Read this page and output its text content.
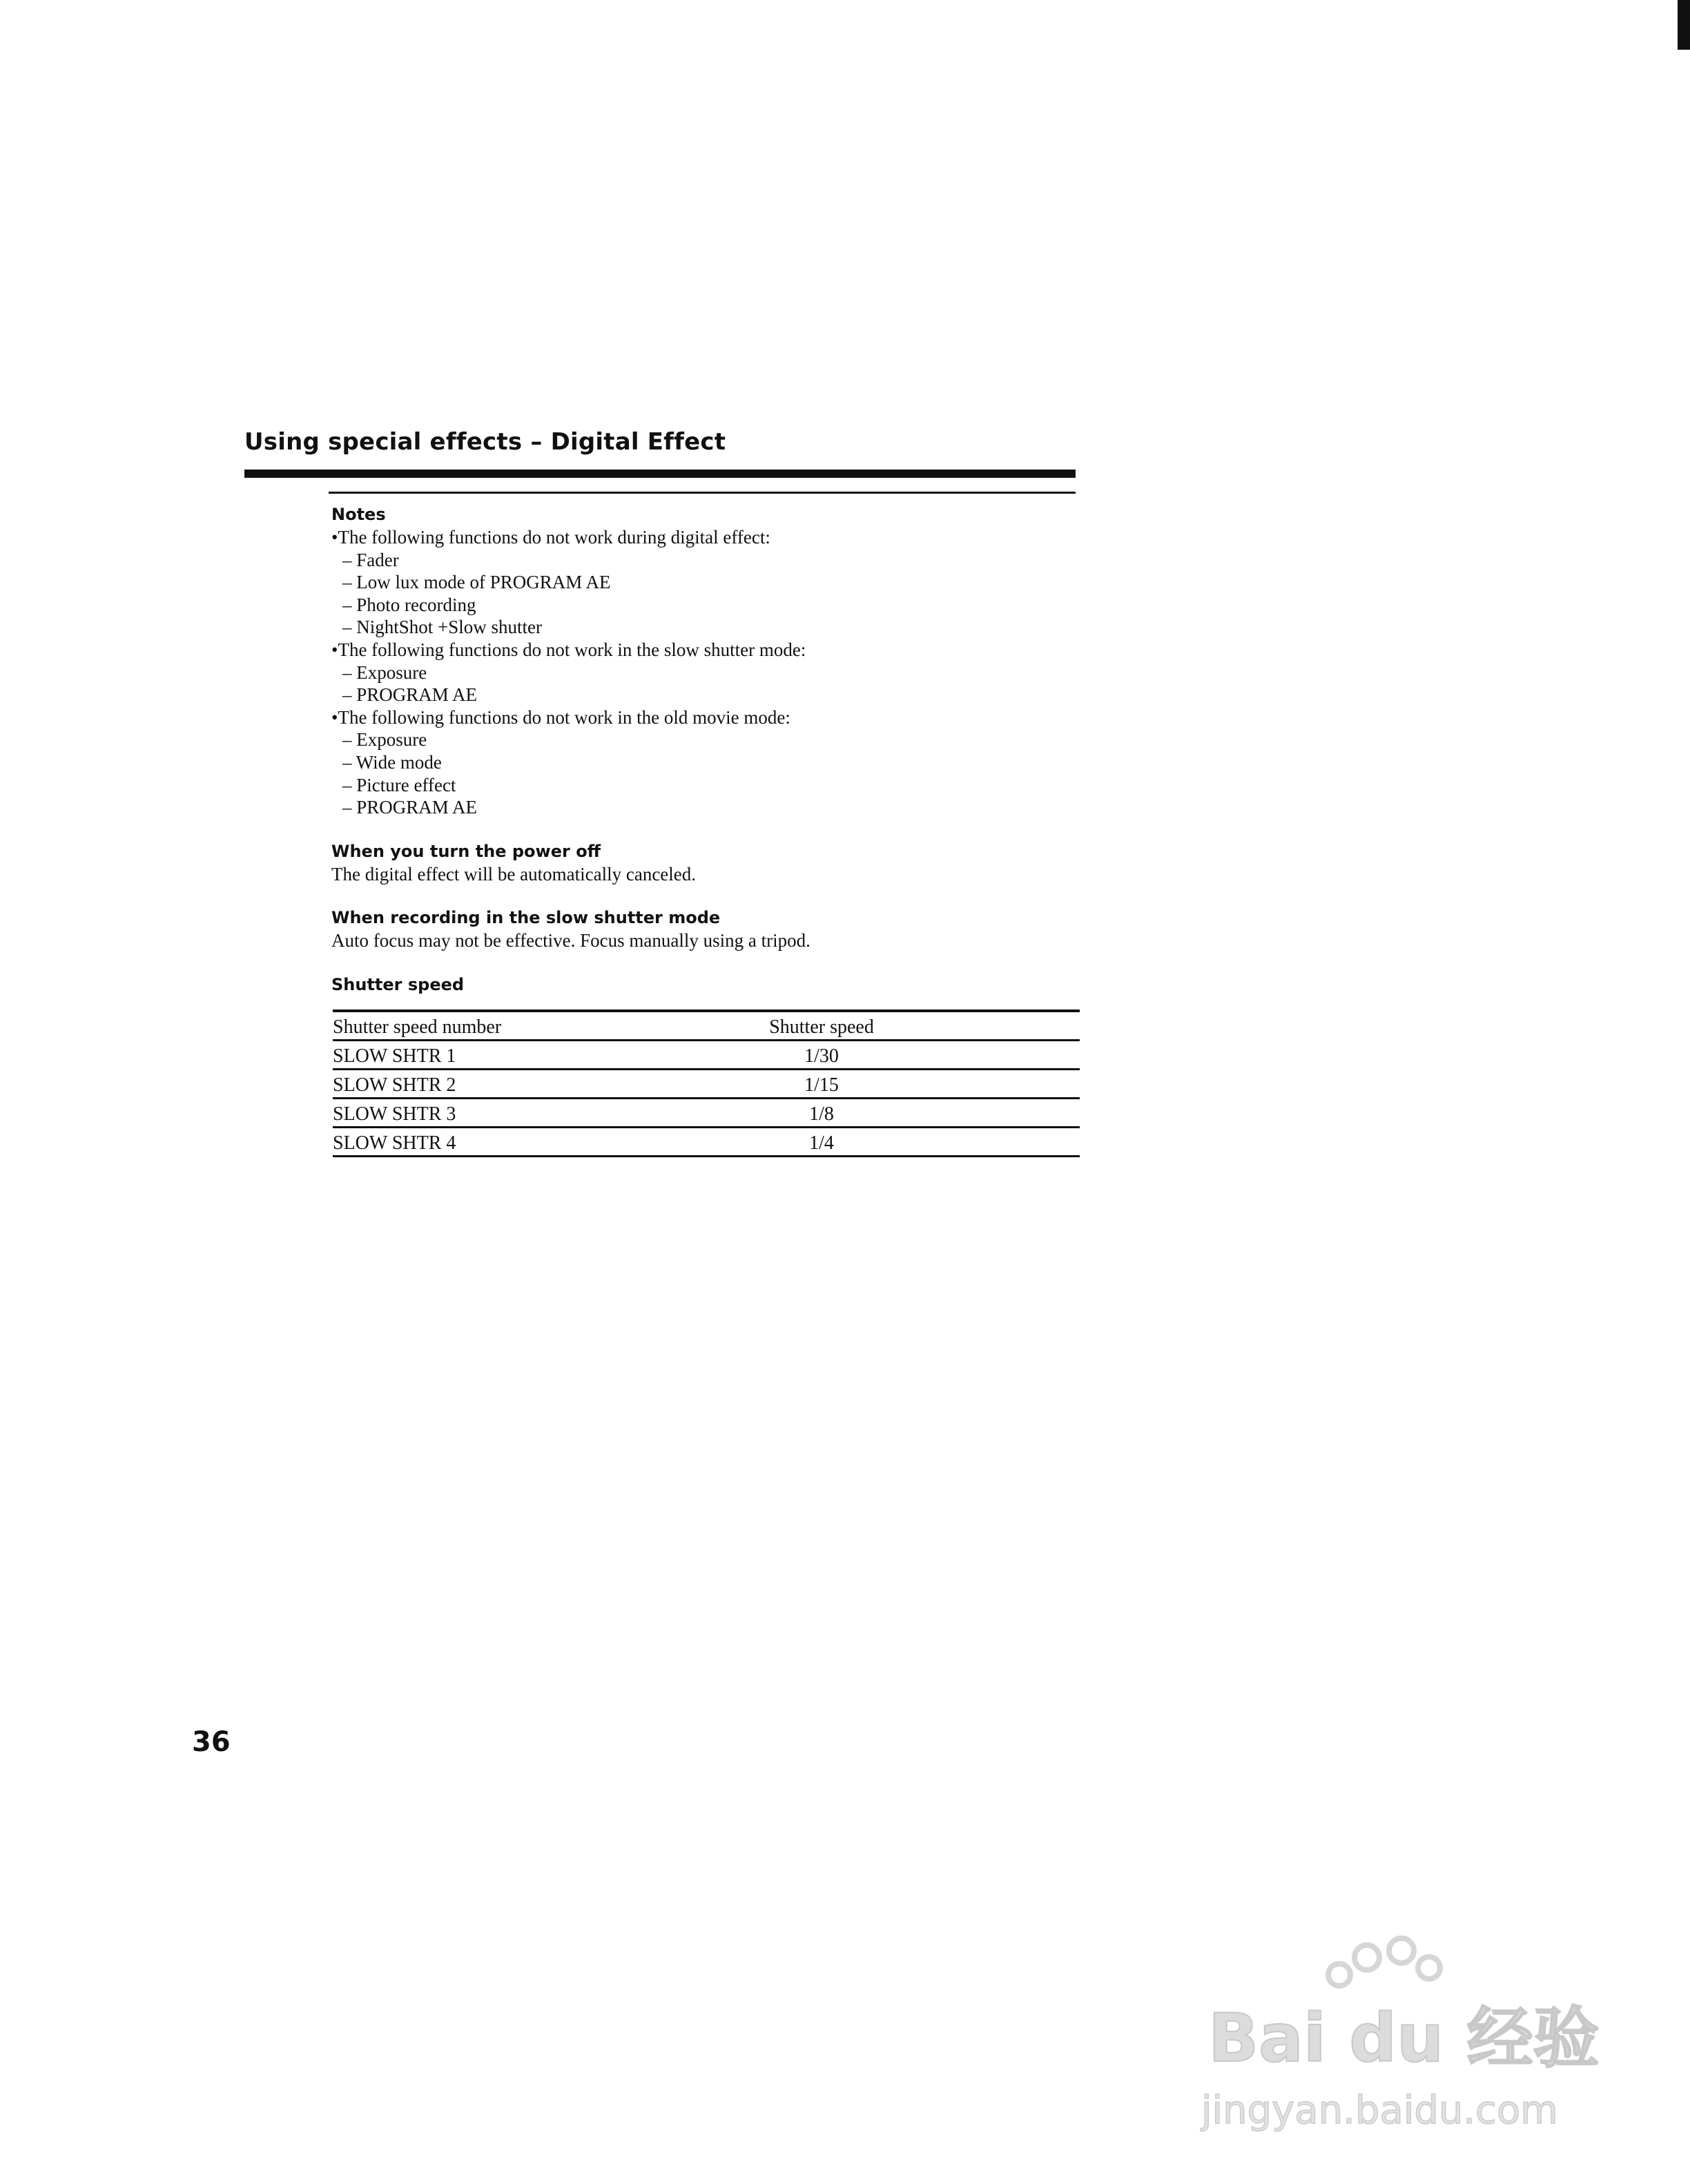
Using special effects – Digital Effect
Notes
• The following functions do not work during digital effect:
– Fader
– Low lux mode of PROGRAM AE
– Photo recording
– NightShot +Slow shutter
• The following functions do not work in the slow shutter mode:
– Exposure
– PROGRAM AE
• The following functions do not work in the old movie mode:
– Exposure
– Wide mode
– Picture effect
– PROGRAM AE
When you turn the power off
The digital effect will be automatically canceled.
When recording in the slow shutter mode
Auto focus may not be effective. Focus manually using a tripod.
Shutter speed
Shutter speed number	Shutter speed
SLOW SHTR 1	1/30
SLOW SHTR 2	1/15
SLOW SHTR 3	1/8
SLOW SHTR 4	1/4
36
Bai du 经验
jingyan.baidu.com
